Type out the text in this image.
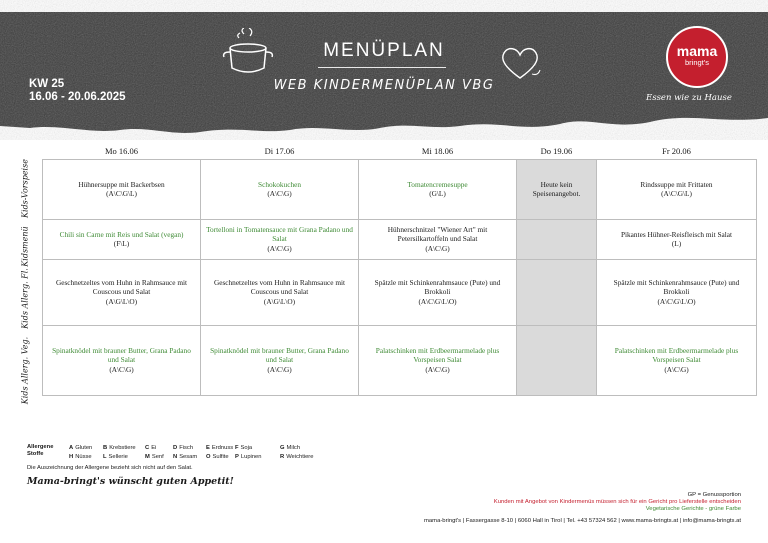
KW 25
16.06 - 20.06.2025
MENÜPLAN
WEB KINDERMENÜPLAN VBG
mama
bringt's
Essen wie zu Hause
Kids-Vorspeise
Kidsmenü
Kids Allerg. Fl.
Kids Allerg. Veg.
Mo 16.06	Di 17.06	Mi 18.06	Do 19.06	Fr 20.06

Hühnersuppe mit Backerbsen
(A\C\G\L)	Schokokuchen
(A\C\G)	Tomatencremesuppe
(G\L)	Heute kein Speisenangebot.	Rindssuppe mit Frittaten
(A\C\G\L)

Chili sin Carne mit Reis und Salat (vegan)
(F\L)	Tortelloni in Tomatensauce mit Grana Padano und Salat
(A\C\G)	Hühnerschnitzel "Wiener Art" mit Petersilkartoffeln und Salat
(A\C\G)		Pikantes Hühner-Reisfleisch mit Salat
(L)

Geschnetzeltes vom Huhn in Rahmsauce mit Couscous und Salat
(A\G\L\O)	Geschnetzeltes vom Huhn in Rahmsauce mit Couscous und Salat
(A\G\L\O)	Spätzle mit Schinkenrahmsauce (Pute) und Brokkoli
(A\C\G\L\O)		Spätzle mit Schinkenrahmsauce (Pute) und Brokkoli
(A\C\G\L\O)

Spinatknödel mit brauner Butter, Grana Padano und Salat
(A\C\G)	Spinatknödel mit brauner Butter, Grana Padano und Salat
(A\C\G)	Palatschinken mit Erdbeermarmelade plus Vorspeisen Salat
(A\C\G)		Palatschinken mit Erdbeermarmelade plus Vorspeisen Salat
(A\C\G)
Allergene Stoffe
A Gluten B Krebstiere C Ei	D Fisch E Erdnuss F Soja	G Milch
H Nüsse L Sellerie	M Senf N Sesam O Sulfite P Lupinen	R Weichtiere
Die Auszeichnung der Allergene bezieht sich nicht auf den Salat.
Mama-bringt's wünscht guten Appetit!
GP = Genussportion
Kunden mit Angebot von Kindermenüs müssen sich für ein Gericht pro Lieferstelle entscheiden
Vegetarische Gerichte - grüne Farbe
mama-bringt's | Fassergasse 8-10 | 6060 Hall in Tirol | Tel. +43 57324 562 | www.mama-bringts.at | info@mama-bringts.at
